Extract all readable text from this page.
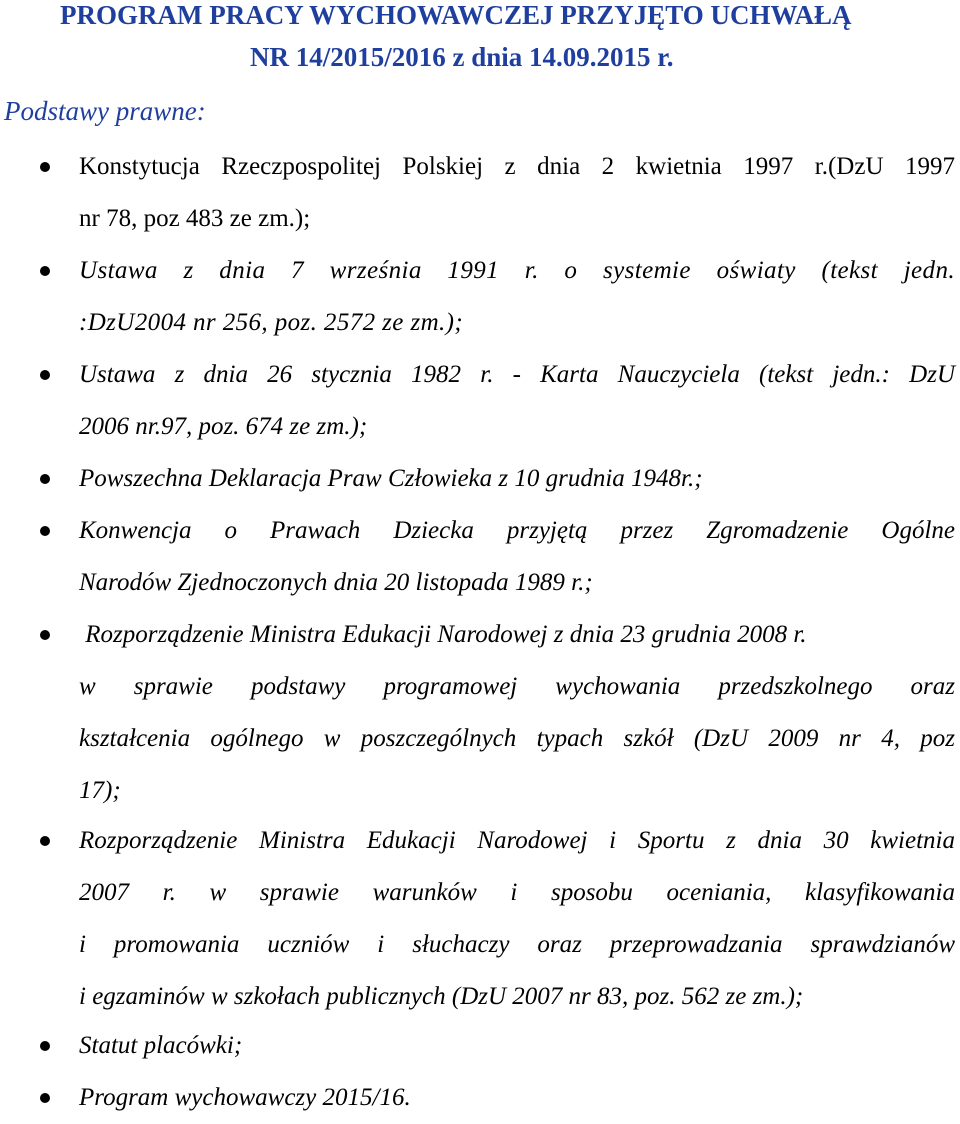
PROGRAM PRACY WYCHOWAWCZEJ PRZYJĘTO UCHWAŁĄ
NR 14/2015/2016 z dnia 14.09.2015 r.
Podstawy prawne:
Konstytucja Rzeczpospolitej Polskiej z dnia 2 kwietnia 1997 r.(DzU 1997
nr 78, poz 483 ze zm.);
Ustawa z dnia 7 września 1991 r. o systemie oświaty (tekst jedn.
:DzU2004 nr 256, poz. 2572 ze zm.);
Ustawa z dnia 26 stycznia 1982 r. - Karta Nauczyciela (tekst jedn.: DzU
2006 nr.97, poz. 674 ze zm.);
Powszechna Deklaracja Praw Człowieka z 10 grudnia 1948r.;
Konwencja o Prawach Dziecka przyjętą przez Zgromadzenie Ogólne
Narodów Zjednoczonych dnia 20 listopada 1989 r.;
Rozporządzenie Ministra Edukacji Narodowej z dnia 23 grudnia 2008 r.
w sprawie podstawy programowej wychowania przedszkolnego oraz
kształcenia ogólnego w poszczególnych typach szkół (DzU 2009 nr 4, poz
17);
Rozporządzenie Ministra Edukacji Narodowej i Sportu z dnia 30 kwietnia
2007 r. w sprawie warunków i sposobu oceniania, klasyfikowania
i promowania uczniów i słuchaczy oraz przeprowadzania sprawdzianów
i egzaminów w szkołach publicznych (DzU 2007 nr 83, poz. 562 ze zm.);
Statut placówki;
Program wychowawczy 2015/16.
